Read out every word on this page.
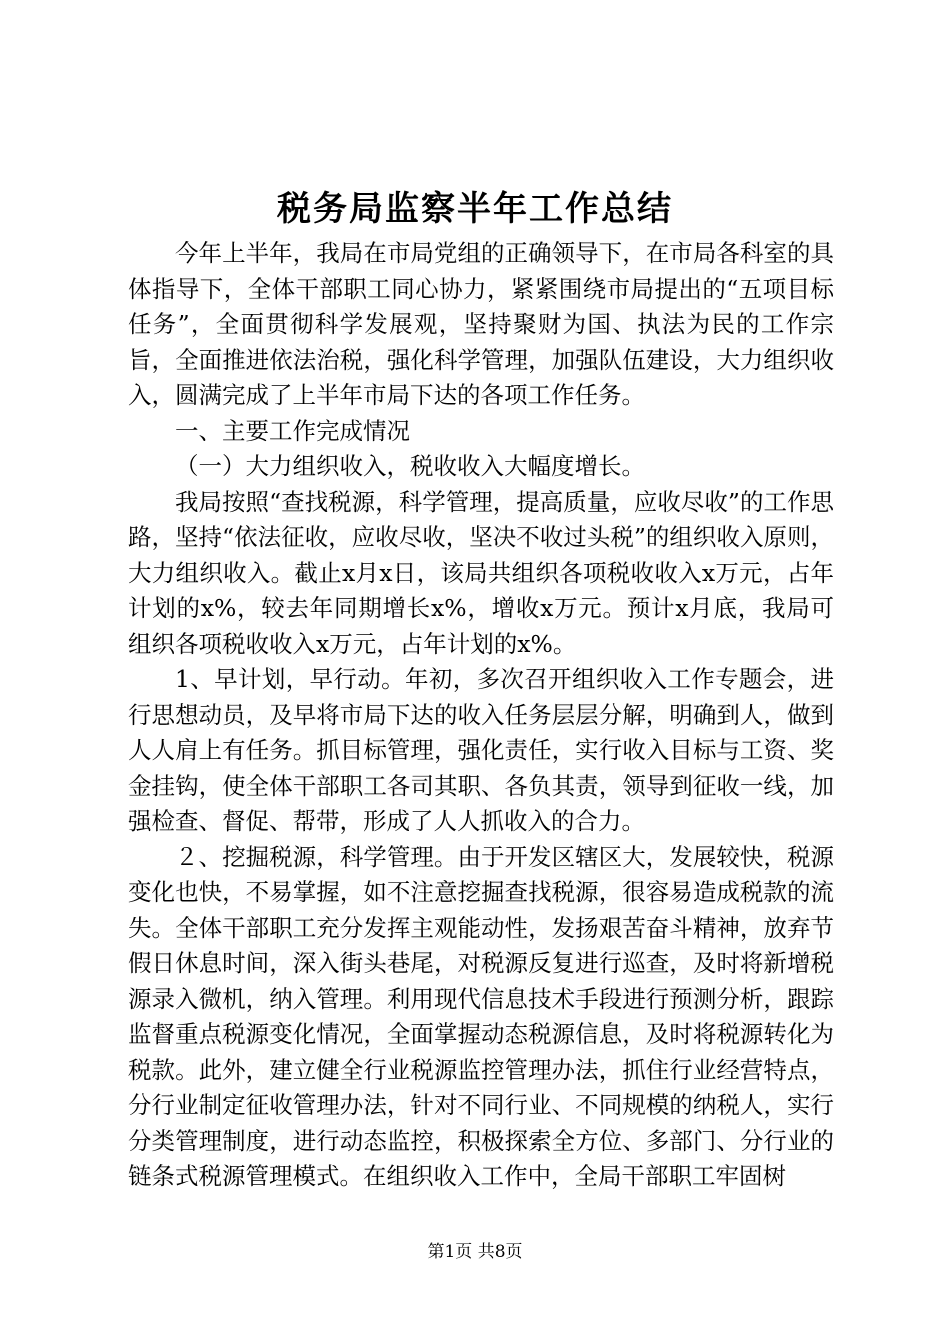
税务局监察半年工作总结

今年上半年，我局在市局党组的正确领导下，在市局各科室的具体指导下，全体干部职工同心协力，紧紧围绕市局提出的“五项目标任务”，全面贯彻科学发展观，坚持聚财为国、执法为民的工作宗旨，全面推进依法治税，强化科学管理，加强队伍建设，大力组织收入，圆满完成了上半年市局下达的各项工作任务。

一、主要工作完成情况

（一）大力组织收入，税收收入大幅度增长。

我局按照“查找税源，科学管理，提高质量，应收尽收”的工作思路，坚持“依法征收，应收尽收，坚决不收过头税”的组织收入原则，大力组织收入。截止x月x日，该局共组织各项税收收入x万元，占年计划的x%，较去年同期增长x%，增收x万元。预计x月底，我局可组织各项税收收入x万元，占年计划的x%。

1、早计划，早行动。年初，多次召开组织收入工作专题会，进行思想动员，及早将市局下达的收入任务层层分解，明确到人，做到人人肩上有任务。抓目标管理，强化责任，实行收入目标与工资、奖金挂钩，使全体干部职工各司其职、各负其责，领导到征收一线，加强检查、督促、帮带，形成了人人抓收入的合力。

２、挖掘税源，科学管理。由于开发区辖区大，发展较快，税源变化也快，不易掌握，如不注意挖掘查找税源，很容易造成税款的流失。全体干部职工充分发挥主观能动性，发扬艰苦奋斗精神，放弃节假日休息时间，深入街头巷尾，对税源反复进行巡查，及时将新增税源录入微机，纳入管理。利用现代信息技术手段进行预测分析，跟踪监督重点税源变化情况，全面掌握动态税源信息，及时将税源转化为税款。此外，建立健全行业税源监控管理办法，抓住行业经营特点，分行业制定征收管理办法，针对不同行业、不同规模的纳税人，实行分类管理制度，进行动态监控，积极探索全方位、多部门、分行业的链条式税源管理模式。在组织收入工作中，全局干部职工牢固树

第1页 共8页
